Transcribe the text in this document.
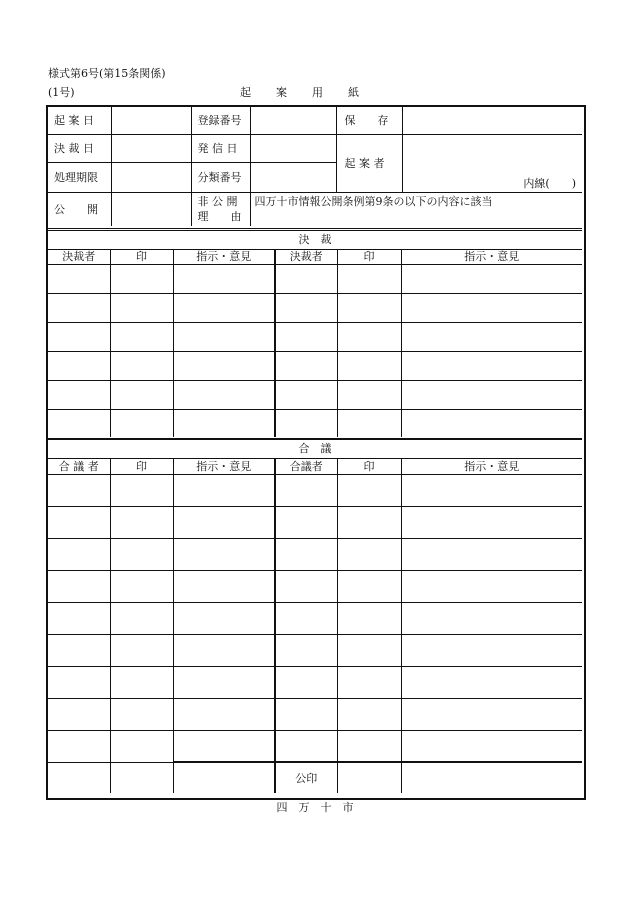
様式第6号(第15条関係)
(1号)	起　　案　　用　　紙
起 案 日		登録番号		保　　存	
決 裁 日		発 信 日		起 案 者	内線(　　)
処理期限		分類番号			
公　　開		非 公 開
理　　由	四万十市情報公開条例第9条の以下の内容に該当		
決　裁
決裁者	印	指示・意見	決裁者	印	指示・意見

合　議
合 議 者	印	指示・意見	合議者	印	指示・意見

			公印		
四　万　十　市
